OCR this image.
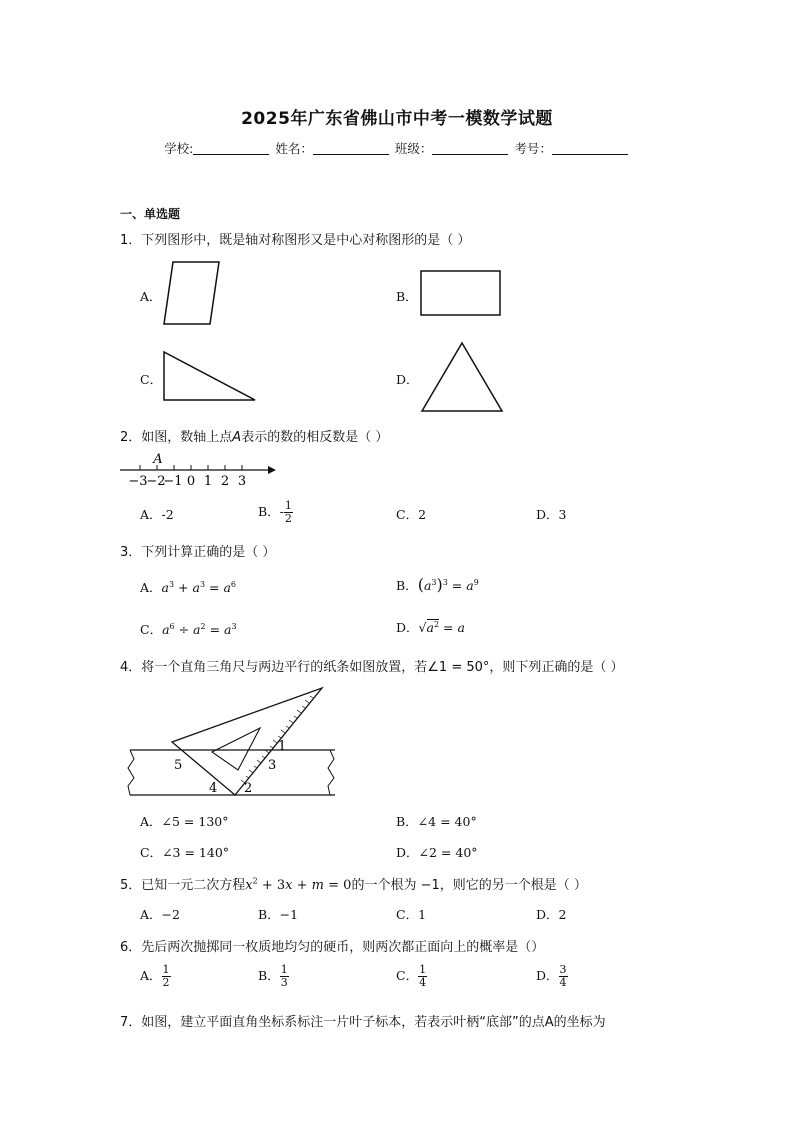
2025年广东省佛山市中考一模数学试题
学校:	姓名：	班级：	考号：
一、单选题
1．下列图形中，既是轴对称图形又是中心对称图形的是（ ）
A．	B．
C．	D．
2．如图，数轴上点A表示的数的相反数是（ ）
A
−3
−2
−1 0 1 2 3
A．-2	B．- $\frac{1}{2}$	C．2	D．3
3．下列计算正确的是（ ）
A．$a^3 + a^3 = a^6$	B．$(a^3)^3 = a^9$
C．$a^6 \div a^2 = a^3$	D．$√a^2 = a$
4．将一个直角三角尺与两边平行的纸条如图放置，若∠1 = 50°，则下列正确的是（ ）
5
4 2
3
1
A．∠5 = 130°	B．∠4 = 40°
C．∠3 = 140°	D．∠2 = 40°
5．已知一元二次方程$x^2 + 3x + m = 0$的一个根为 −1，则它的另一个根是（ ）
A．−2	B．−1	C．1	D．2
6．先后两次抛掷同一枚质地均匀的硬币，则两次都正面向上的概率是（）
A． $\frac{1}{2}$	B． $\frac{1}{3}$	C． $\frac{1}{4}$	D． $\frac{3}{4}$
7．如图，建立平面直角坐标系标注一片叶子标本，若表示叶柄“底部”的点A的坐标为
